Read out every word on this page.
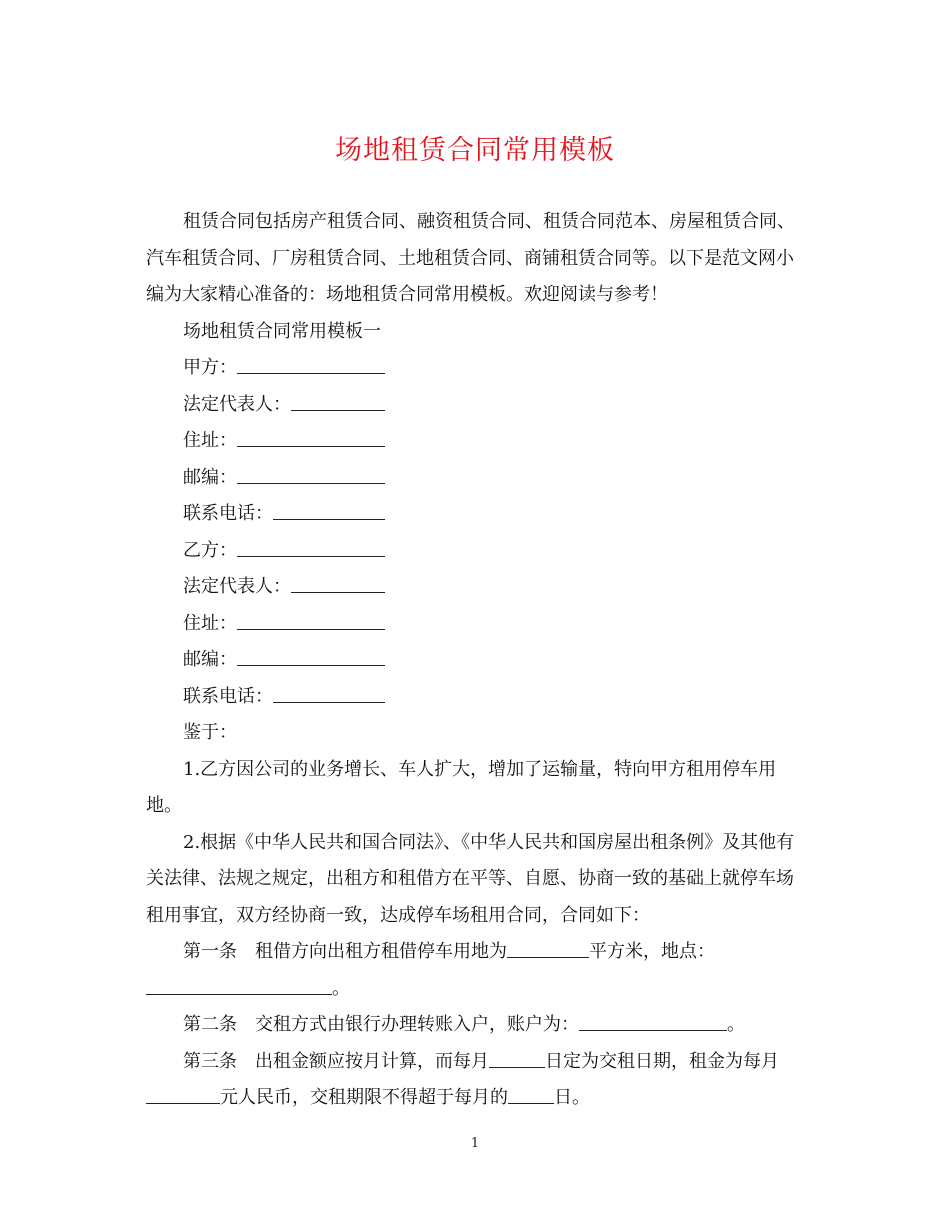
场地租赁合同常用模板

租赁合同包括房产租赁合同、融资租赁合同、租赁合同范本、房屋租赁合同、汽车租赁合同、厂房租赁合同、土地租赁合同、商铺租赁合同等。以下是范文网小编为大家精心准备的：场地租赁合同常用模板。欢迎阅读与参考！

场地租赁合同常用模板一

甲方：

法定代表人：

住址：

邮编：

联系电话：

乙方：

法定代表人：

住址：

邮编：

联系电话：

鉴于：

1.乙方因公司的业务增长、车人扩大，增加了运输量，特向甲方租用停车用地。

2.根据《中华人民共和国合同法》、《中华人民共和国房屋出租条例》及其他有关法律、法规之规定，出租方和租借方在平等、自愿、协商一致的基础上就停车场租用事宜，双方经协商一致，达成停车场租用合同，合同如下：

第一条　 租借方向出租方租借停车用地为	平方米，地点：。

第二条　 交租方式由银行办理转账入户，账户为：	。

第三条　 出租金额应按月计算，而每月	日定为交租日期，租金为每月元人民币，交租期限不得超于每月的	日。

1
